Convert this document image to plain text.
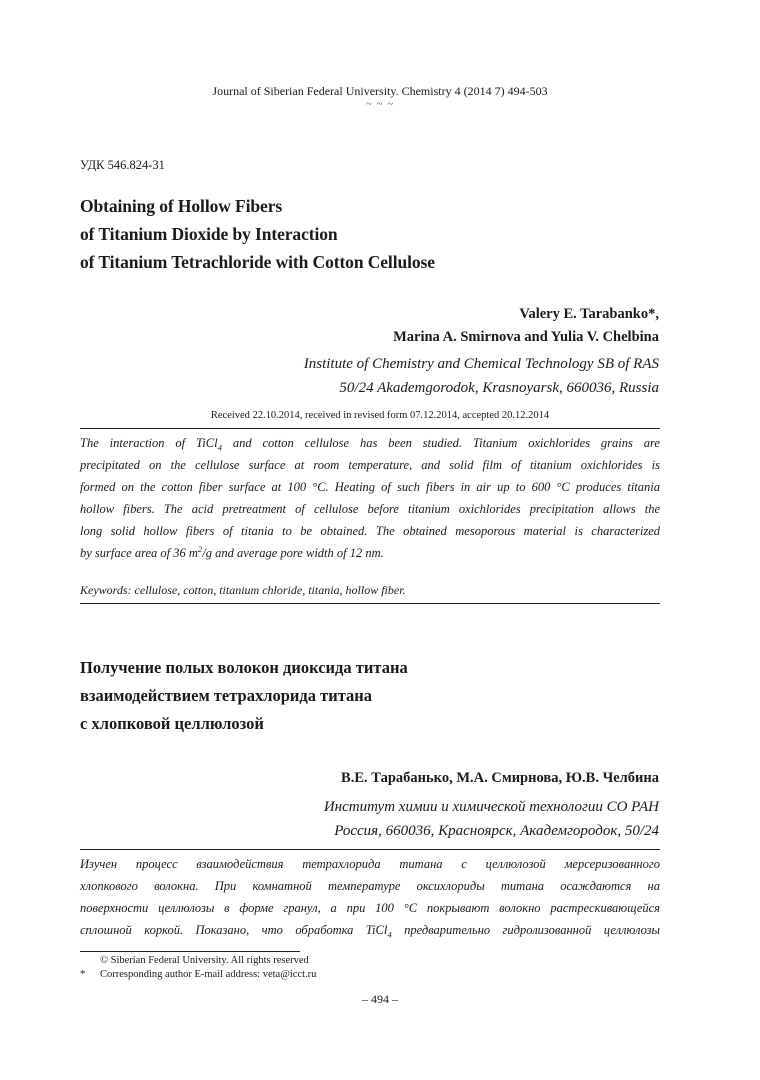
Journal of Siberian Federal University. Chemistry 4 (2014 7) 494-503
~ ~ ~
УДК 546.824-31
Obtaining of Hollow Fibers
of Titanium Dioxide by Interaction
of Titanium Tetrachloride with Cotton Cellulose
Valery E. Tarabanko*,
Marina A. Smirnova and Yulia V. Chelbina
Institute of Chemistry and Chemical Technology SB of RAS
50/24 Akademgorodok, Krasnoyarsk, 660036, Russia
Received 22.10.2014, received in revised form 07.12.2014, accepted 20.12.2014
The interaction of TiCl$_4$ and cotton cellulose has been studied. Titanium oxichlorides grains are
precipitated on the cellulose surface at room temperature, and solid film of titanium oxichlorides is
formed on the cotton fiber surface at 100 °C. Heating of such fibers in air up to 600 °C produces titania
hollow fibers. The acid pretreatment of cellulose before titanium oxichlorides precipitation allows the
long solid hollow fibers of titania to be obtained. The obtained mesoporous material is characterized
by surface area of 36 $m^2/g$ and average pore width of 12 nm.
Keywords: cellulose, cotton, titanium chloride, titania, hollow fiber.
Получение полых волокон диоксида титана
взаимодействием тетрахлорида титана
с хлопковой целлюлозой
В.Е. Тарабанько, М.А. Смирнова, Ю.В. Челбина
Институт химии и химической технологии СО РАН
Россия, 660036, Красноярск, Академгородок, 50/24
Изучен процесс взаимодействия тетрахлорида титана с целлюлозой мерсеризованного
хлопкового волокна. При комнатной температуре оксихлориды титана осаждаются на
поверхности целлюлозы в форме гранул, а при 100 °С покрывают волокно растрескивающейся
сплошной коркой. Показано, что обработка TiCl$_4$ предварительно гидролизованной целлюлозы
© Siberian Federal University. All rights reserved
* Corresponding author E-mail address: veta@icct.ru
– 494 –
